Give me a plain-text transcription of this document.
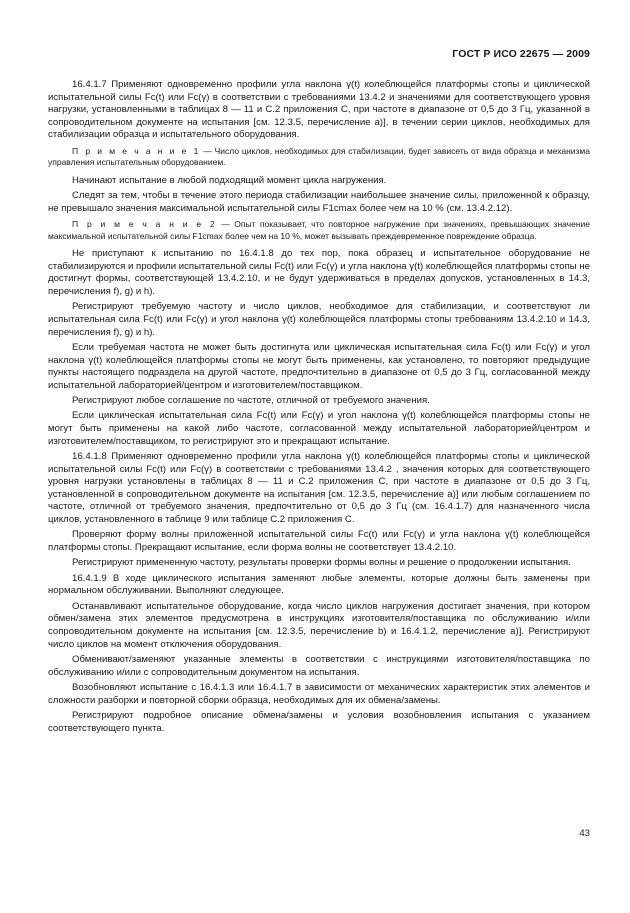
ГОСТ Р ИСО 22675 — 2009

16.4.1.7 Применяют одновременно профили угла наклона γ(t) колеблющейся платформы стопы и циклической испытательной силы Fc(t) или Fc(γ) в соответствии с требованиями 13.4.2 и значениями для соответствующего уровня нагрузки, установленными в таблицах 8 — 11 и С.2 приложения С, при частоте в диапазоне от 0,5 до 3 Гц, указанной в сопроводительном документе на испытания [см. 12.3.5, перечисление а)], в течении серии циклов, необходимых для стабилизации образца и испытательного оборудования.

П р и м е ч а н и е 1 — Число циклов, необходимых для стабилизации, будет зависеть от вида образца и механизма управления испытательным оборудованием.

Начинают испытание в любой подходящий момент цикла нагружения.

Следят за тем, чтобы в течение этого периода стабилизации наибольшее значение силы, приложенной к образцу, не превышало значения максимальной испытательной силы F1cmax более чем на 10 % (см. 13.4.2.12).

П р и м е ч а н и е 2 — Опыт показывает, что повторное нагружение при значениях, превышающих значение максимальной испытательной силы F1cmax более чем на 10 %, может вызывать преждевременное повреждение образца.

Не приступают к испытанию по 16.4.1.8 до тех пор, пока образец и испытательное оборудование не стабилизируются и профили испытательной силы Fc(t) или Fc(γ) и угла наклона γ(t) колеблющейся платформы стопы не достигнут формы, соответствующей 13.4.2.10, и не будут удерживаться в пределах допусков, установленных в 14.3, перечисления f), g) и h).

Регистрируют требуемую частоту и число циклов, необходимое для стабилизации, и соответствуют ли испытательная сила Fc(t) или Fc(γ) и угол наклона γ(t) колеблющейся платформы стопы требованиям 13.4.2.10 и 14.3, перечисления f), g) и h).

Если требуемая частота не может быть достигнута или циклическая испытательная сила Fc(t) или Fc(γ) и угол наклона γ(t) колеблющейся платформы стопы не могут быть применены, как установлено, то повторяют предыдущие пункты настоящего подраздела на другой частоте, предпочтительно в диапазоне от 0,5 до 3 Гц, согласованной между испытательной лабораторией/центром и изготовителем/поставщиком.

Регистрируют любое соглашение по частоте, отличной от требуемого значения.

Если циклическая испытательная сила Fc(t) или Fc(γ) и угол наклона γ(t) колеблющейся платформы стопы не могут быть применены на какой либо частоте, согласованной между испытательной лабораторией/центром и изготовителем/поставщиком, то регистрируют это и прекращают испытание.

16.4.1.8 Применяют одновременно профили угла наклона γ(t) колеблющейся платформы стопы и циклической испытательной силы Fc(t) или Fc(γ) в соответствии с требованиями 13.4.2 , значения которых для соответствующего уровня нагрузки установлены в таблицах 8 — 11 и С.2 приложения С, при частоте в диапазоне от 0,5 до 3 Гц, установленной в сопроводительном документе на испытания [см. 12.3.5, перечисление а)] или любым соглашением по частоте, отличной от требуемого значения, предпочтительно от 0,5 до 3 Гц (см. 16.4.1.7) для назначенного числа циклов, установленного в таблице 9 или таблице С.2 приложения С.

Проверяют форму волны приложенной испытательной силы Fc(t) или Fc(γ) и угла наклона γ(t) колеблющейся платформы стопы. Прекращают испытание, если форма волны не соответствует 13.4.2.10.

Регистрируют примененную частоту, результаты проверки формы волны и решение о продолжении испытания.

16.4.1.9 В ходе циклического испытания заменяют любые элементы, которые должны быть заменены при нормальном обслуживании. Выполняют следующее.

Останавливают испытательное оборудование, когда число циклов нагружения достигает значения, при котором обмен/замена этих элементов предусмотрена в инструкциях изготовителя/поставщика по обслуживанию и/или сопроводительном документе на испытания [см. 12.3.5, перечисление b) и 16.4.1.2, перечисление а)]. Регистрируют число циклов на момент отключения оборудования.

Обменивают/заменяют указанные элементы в соответствии с инструкциями изготовителя/поставщика по обслуживанию и/или с сопроводительным документом на испытания.

Возобновляют испытание с 16.4.1.3 или 16.4.1.7 в зависимости от механических характеристик этих элементов и сложности разборки и повторной сборки образца, необходимых для их обмена/замены.

Регистрируют подробное описание обмена/замены и условия возобновления испытания с указанием соответствующего пункта.

43
